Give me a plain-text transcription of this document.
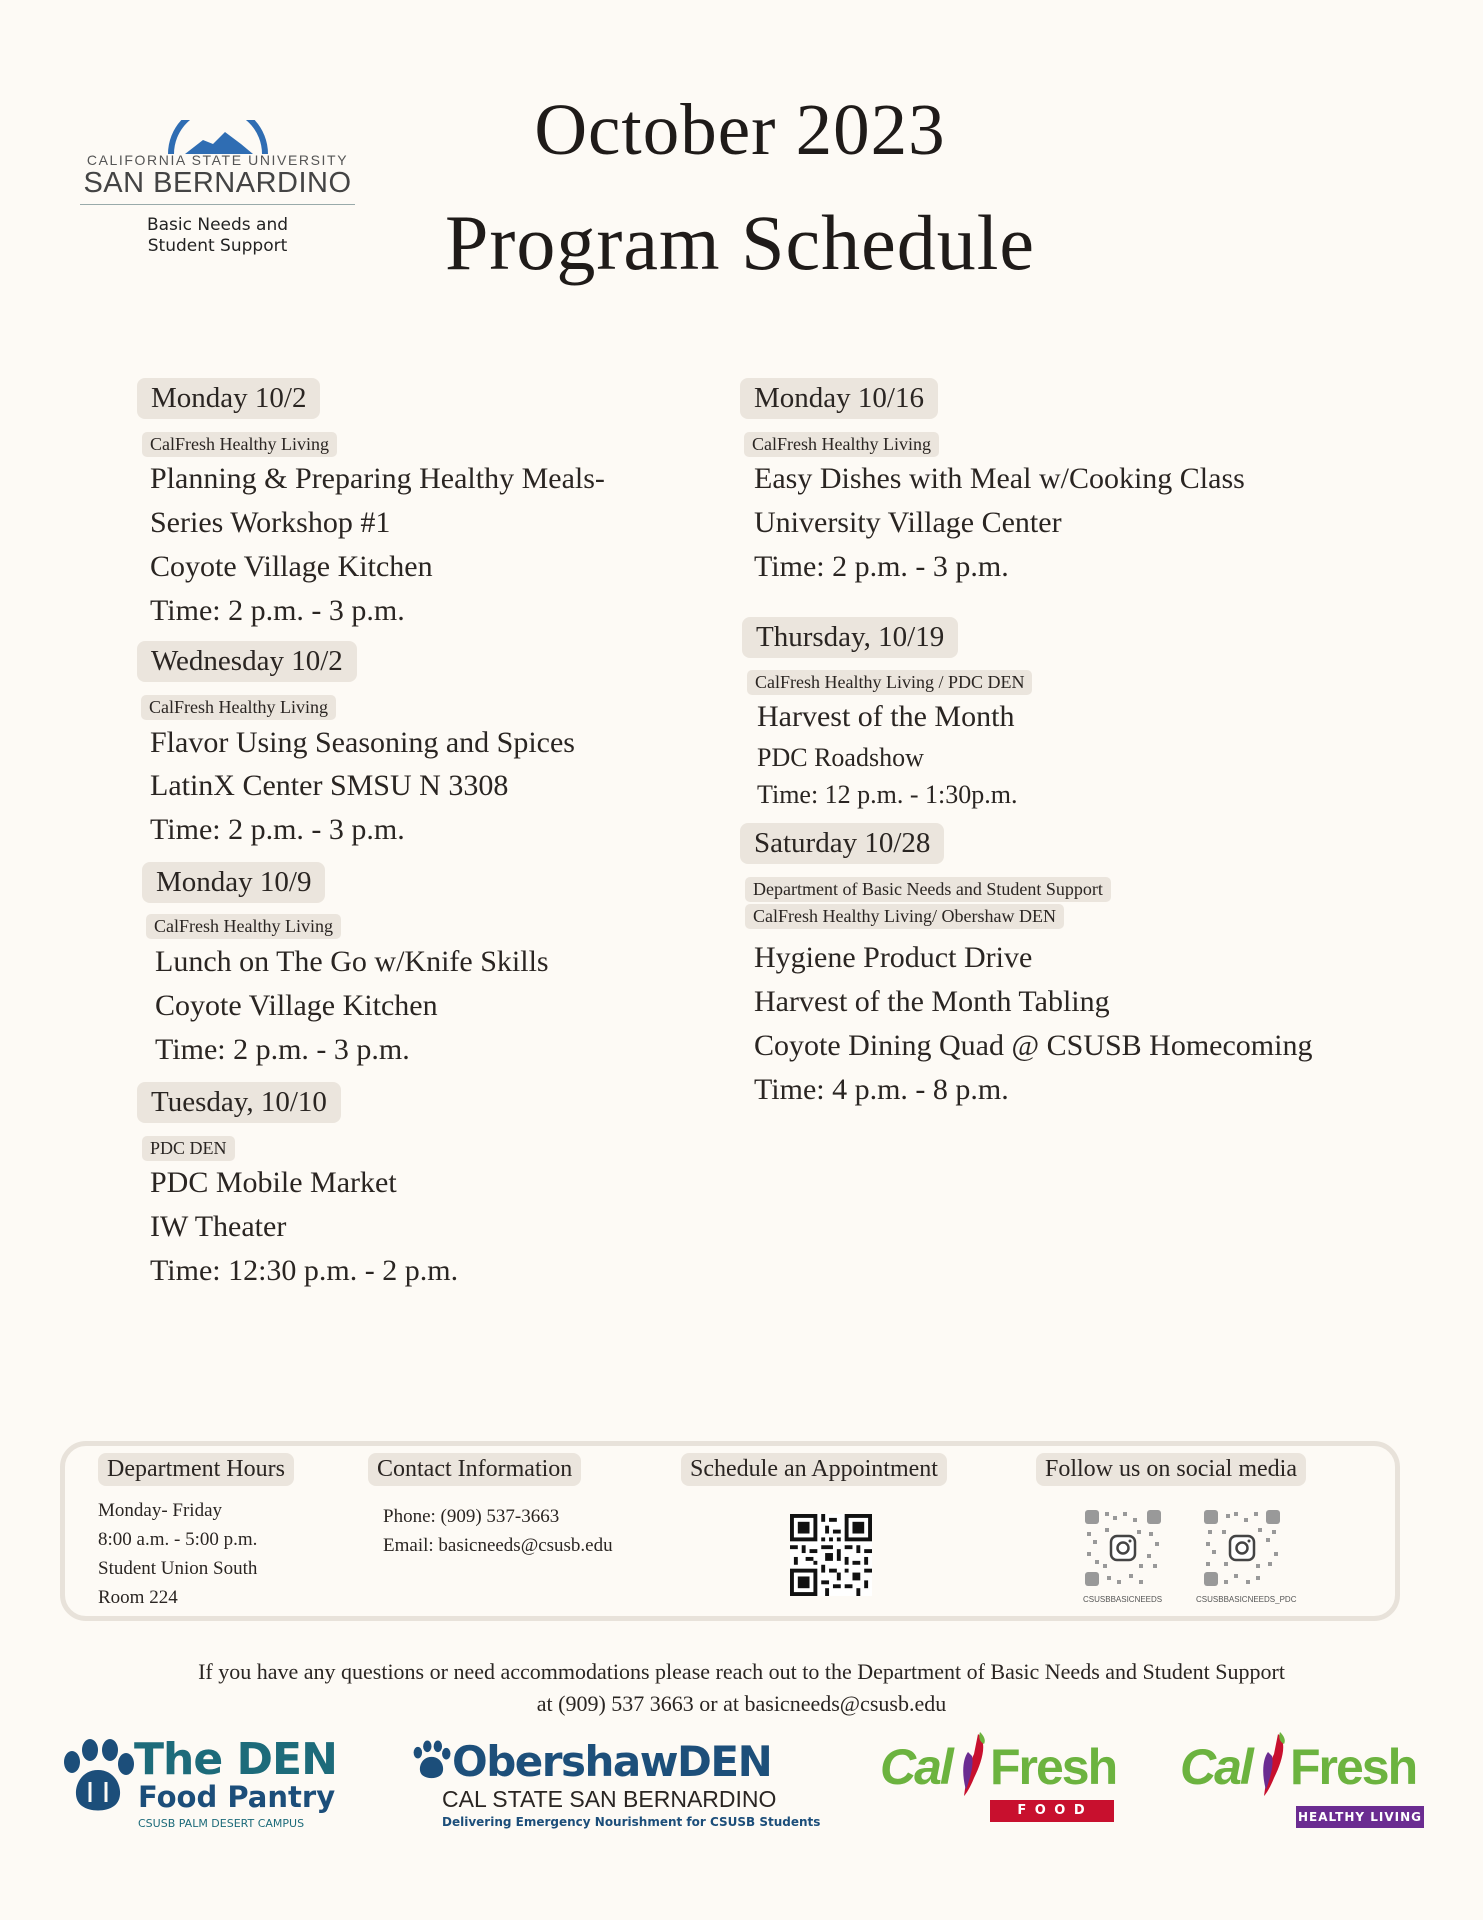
CALIFORNIA STATE UNIVERSITY
SAN BERNARDINO
Basic Needs and
Student Support
October 2023
Program Schedule
Monday 10/2
CalFresh Healthy Living
Planning & Preparing Healthy Meals-
Series Workshop #1
Coyote Village Kitchen
Time: 2 p.m. - 3 p.m.
Wednesday 10/2
CalFresh Healthy Living
Flavor Using Seasoning and Spices
LatinX Center SMSU N 3308
Time: 2 p.m. - 3 p.m.
Monday 10/9
CalFresh Healthy Living
Lunch on The Go w/Knife Skills
Coyote Village Kitchen
Time: 2 p.m. - 3 p.m.
Tuesday, 10/10
PDC DEN
PDC Mobile Market
IW Theater
Time: 12:30 p.m. - 2 p.m.
Monday 10/16
CalFresh Healthy Living
Easy Dishes with Meal w/Cooking Class
University Village Center
Time: 2 p.m. - 3 p.m.
Thursday, 10/19
CalFresh Healthy Living / PDC DEN
Harvest of the Month
PDC Roadshow
Time: 12 p.m. - 1:30p.m.
Saturday 10/28
Department of Basic Needs and Student Support
CalFresh Healthy Living/ Obershaw DEN
Hygiene Product Drive
Harvest of the Month Tabling
Coyote Dining Quad @ CSUSB Homecoming
Time: 4 p.m. - 8 p.m.
Department Hours
Monday- Friday
8:00 a.m. - 5:00 p.m.
Student Union South
Room 224
Contact Information
Phone: (909) 537-3663
Email: basicneeds@csusb.edu
Schedule an Appointment	Follow us on social media
CSUSBBASICNEEDS	CSUSBBASICNEEDS_PDC
If you have any questions or need accommodations please reach out to the Department of Basic Needs and Student Support
at (909) 537 3663 or at basicneeds@csusb.edu
The DEN
Food Pantry
CSUSB PALM DESERT CAMPUS
ObershawDEN
CAL STATE SAN BERNARDINO
Delivering Emergency Nourishment for CSUSB Students
Cal Fresh
F O O D
Cal Fresh
HEALTHY LIVING
